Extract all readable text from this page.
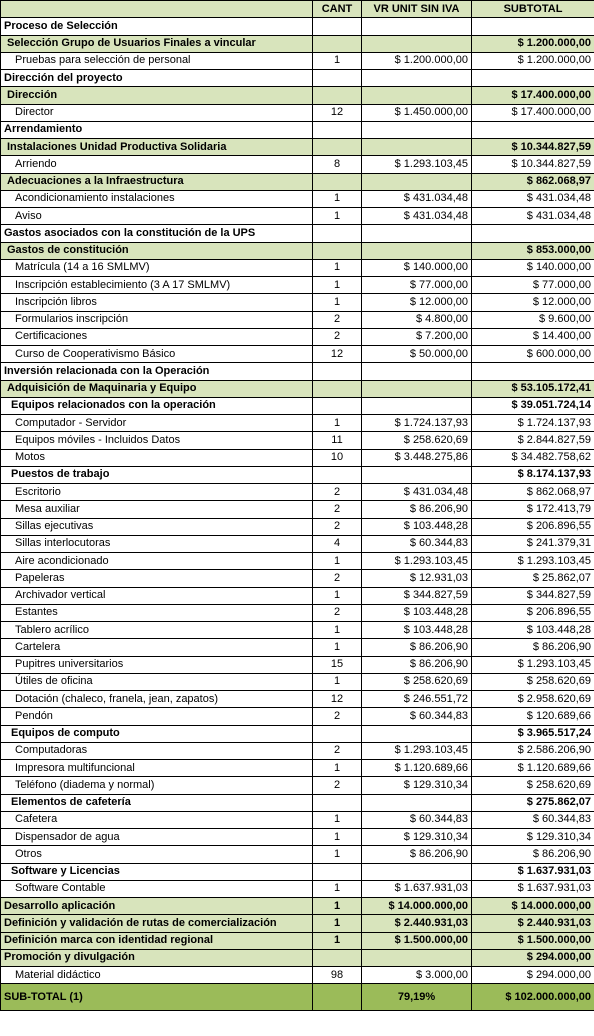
	CANT	VR UNIT SIN IVA	SUBTOTAL
Proceso de Selección			
Selección Grupo de Usuarios Finales a vincular			$ 1.200.000,00
Pruebas para selección de personal	1	$ 1.200.000,00	$ 1.200.000,00
Dirección del proyecto			
Dirección			$ 17.400.000,00
Director	12	$ 1.450.000,00	$ 17.400.000,00
Arrendamiento			
Instalaciones Unidad Productiva Solidaria			$ 10.344.827,59
Arriendo	8	$ 1.293.103,45	$ 10.344.827,59
Adecuaciones a la Infraestructura			$ 862.068,97
Acondicionamiento instalaciones	1	$ 431.034,48	$ 431.034,48
Aviso	1	$ 431.034,48	$ 431.034,48
Gastos asociados con la constitución de la UPS			
Gastos de constitución			$ 853.000,00
Matrícula (14 a 16 SMLMV)	1	$ 140.000,00	$ 140.000,00
Inscripción establecimiento (3 A 17 SMLMV)	1	$ 77.000,00	$ 77.000,00
Inscripción libros	1	$ 12.000,00	$ 12.000,00
Formularios inscripción	2	$ 4.800,00	$ 9.600,00
Certificaciones	2	$ 7.200,00	$ 14.400,00
Curso de Cooperativismo Básico	12	$ 50.000,00	$ 600.000,00
Inversión relacionada con la Operación			
Adquisición de Maquinaria y Equipo			$ 53.105.172,41
Equipos relacionados con la operación			$ 39.051.724,14
Computador - Servidor	1	$ 1.724.137,93	$ 1.724.137,93
Equipos móviles - Incluidos Datos	11	$ 258.620,69	$ 2.844.827,59
Motos	10	$ 3.448.275,86	$ 34.482.758,62
Puestos de trabajo			$ 8.174.137,93
Escritorio	2	$ 431.034,48	$ 862.068,97
Mesa auxiliar	2	$ 86.206,90	$ 172.413,79
Sillas ejecutivas	2	$ 103.448,28	$ 206.896,55
Sillas interlocutoras	4	$ 60.344,83	$ 241.379,31
Aire acondicionado	1	$ 1.293.103,45	$ 1.293.103,45
Papeleras	2	$ 12.931,03	$ 25.862,07
Archivador vertical	1	$ 344.827,59	$ 344.827,59
Estantes	2	$ 103.448,28	$ 206.896,55
Tablero acrílico	1	$ 103.448,28	$ 103.448,28
Cartelera	1	$ 86.206,90	$ 86.206,90
Pupitres universitarios	15	$ 86.206,90	$ 1.293.103,45
Útiles de oficina	1	$ 258.620,69	$ 258.620,69
Dotación (chaleco, franela, jean, zapatos)	12	$ 246.551,72	$ 2.958.620,69
Pendón	2	$ 60.344,83	$ 120.689,66
Equipos de computo			$ 3.965.517,24
Computadoras	2	$ 1.293.103,45	$ 2.586.206,90
Impresora multifuncional	1	$ 1.120.689,66	$ 1.120.689,66
Teléfono (diadema y normal)	2	$ 129.310,34	$ 258.620,69
Elementos de cafetería			$ 275.862,07
Cafetera	1	$ 60.344,83	$ 60.344,83
Dispensador de agua	1	$ 129.310,34	$ 129.310,34
Otros	1	$ 86.206,90	$ 86.206,90
Software y Licencias			$ 1.637.931,03
Software Contable	1	$ 1.637.931,03	$ 1.637.931,03
Desarrollo aplicación	1	$ 14.000.000,00	$ 14.000.000,00
Definición y validación de rutas de comercialización	1	$ 2.440.931,03	$ 2.440.931,03
Definición marca con identidad regional	1	$ 1.500.000,00	$ 1.500.000,00
Promoción y divulgación			$ 294.000,00
Material didáctico	98	$ 3.000,00	$ 294.000,00
SUB-TOTAL (1)		79,19%	$ 102.000.000,00
